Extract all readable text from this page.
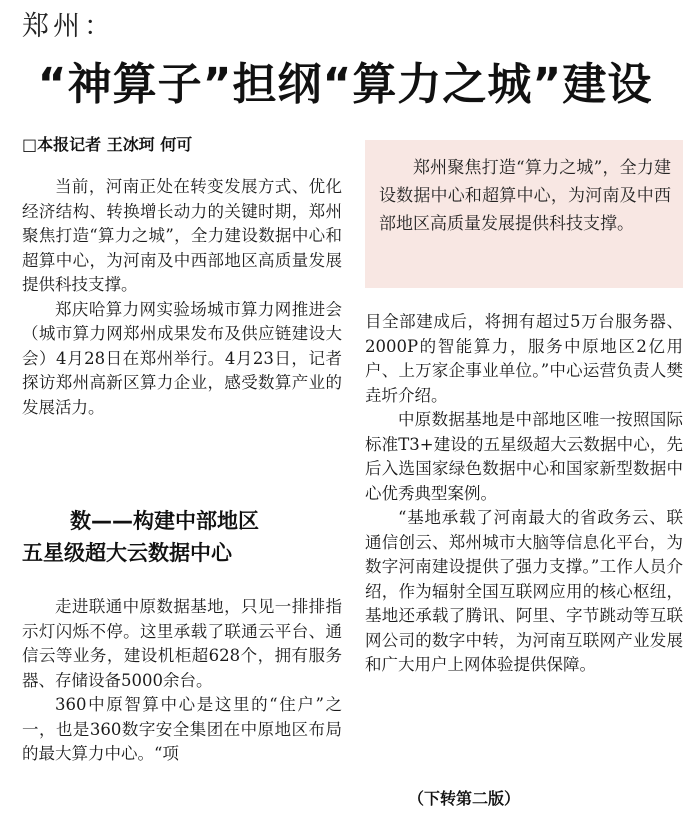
郑州：
“神算子”担纲“算力之城”建设
□本报记者 王冰珂 何可
郑州聚焦打造“算力之城”，全力建设数据中心和超算中心，为河南及中西部地区高质量发展提供科技支撑。

当前，河南正处在转变发展方式、优化经济结构、转换增长动力的关键时期，郑州聚焦打造“算力之城”，全力建设数据中心和超算中心，为河南及中西部地区高质量发展提供科技支撑。

郑庆哈算力网实验场城市算力网推进会（城市算力网郑州成果发布及供应链建设大会）4月28日在郑州举行。4月23日，记者探访郑州高新区算力企业，感受数算产业的发展活力。

数——构建中部地区
五星级超大云数据中心

走进联通中原数据基地，只见一排排指示灯闪烁不停。这里承载了联通云平台、通信云等业务，建设机柜超628个，拥有服务器、存储设备5000余台。

360中原智算中心是这里的“住户”之一，也是360数字安全集团在中原地区布局的最大算力中心。“项

目全部建成后，将拥有超过5万台服务器、2000P的智能算力，服务中原地区2亿用户、上万家企事业单位。”中心运营负责人樊垚圻介绍。

中原数据基地是中部地区唯一按照国际标准T3+建设的五星级超大云数据中心，先后入选国家绿色数据中心和国家新型数据中心优秀典型案例。

“基地承载了河南最大的省政务云、联通信创云、郑州城市大脑等信息化平台，为数字河南建设提供了强力支撑。”工作人员介绍，作为辐射全国互联网应用的核心枢纽，基地还承载了腾讯、阿里、字节跳动等互联网公司的数字中转，为河南互联网产业发展和广大用户上网体验提供保障。

（下转第二版）
